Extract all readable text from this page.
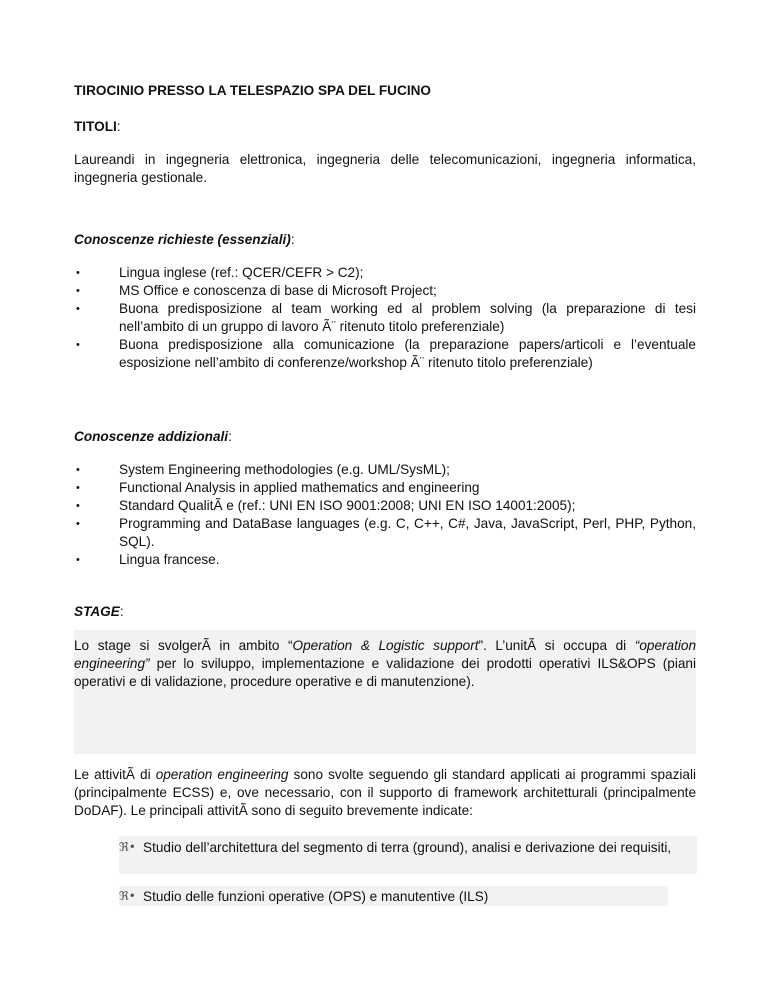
TIROCINIO PRESSO LA TELESPAZIO SPA DEL FUCINO
TITOLI:
Laureandi in ingegneria elettronica, ingegneria delle telecomunicazioni, ingegneria informatica, ingegneria gestionale.
Conoscenze richieste (essenziali):
•	Lingua inglese (ref.: QCER/CEFR > C2);
•	MS Office e conoscenza di base di Microsoft Project;
•	Buona predisposizione al team working ed al problem solving (la preparazione di tesi nell’ambito di un gruppo di lavoro Ã¨ ritenuto titolo preferenziale)
•	Buona predisposizione alla comunicazione (la preparazione papers/articoli e l’eventuale esposizione nell’ambito di conferenze/workshop Ã¨ ritenuto titolo preferenziale)
Conoscenze addizionali:
•	System Engineering methodologies (e.g. UML/SysML);
•	Functional Analysis in applied mathematics and engineering
•	Standard QualitÃ e (ref.: UNI EN ISO 9001:2008; UNI EN ISO 14001:2005);
•	Programming and DataBase languages (e.g. C, C++, C#, Java, JavaScript, Perl, PHP, Python, SQL).
•	Lingua francese.
STAGE:
Lo stage si svolgerÃ in ambito “Operation & Logistic support”. L’unitÃ si occupa di “operation engineering” per lo sviluppo, implementazione e validazione dei prodotti operativi ILS&OPS (piani operativi e di validazione, procedure operative e di manutenzione).
Le attivitÃ di operation engineering sono svolte seguendo gli standard applicati ai programmi spaziali (principalmente ECSS) e, ove necessario, con il supporto di framework architetturali (principalmente DoDAF). Le principali attivitÃ sono di seguito brevemente indicate:
ℜ• Studio dell’architettura del segmento di terra (ground), analisi e derivazione dei requisiti,
ℜ• Studio delle funzioni operative (OPS) e manutentive (ILS)
